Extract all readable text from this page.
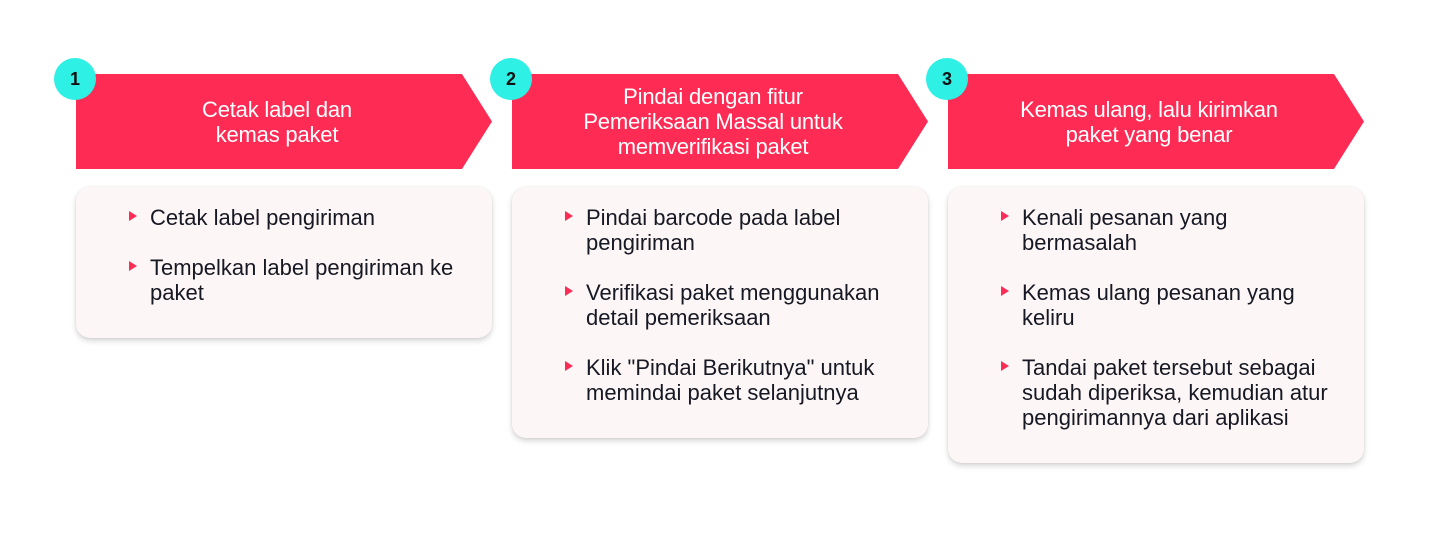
Cetak label dan
kemas paket
1
Cetak label pengiriman
Tempelkan label pengiriman ke paket
Pindai dengan fitur
Pemeriksaan Massal untuk
memverifikasi paket
2
Pindai barcode pada label pengiriman
Verifikasi paket menggunakan detail pemeriksaan
Klik "Pindai Berikutnya" untuk memindai paket selanjutnya
Kemas ulang, lalu kirimkan
paket yang benar
3
Kenali pesanan yang bermasalah
Kemas ulang pesanan yang keliru
Tandai paket tersebut sebagai sudah diperiksa, kemudian atur pengirimannya dari aplikasi
